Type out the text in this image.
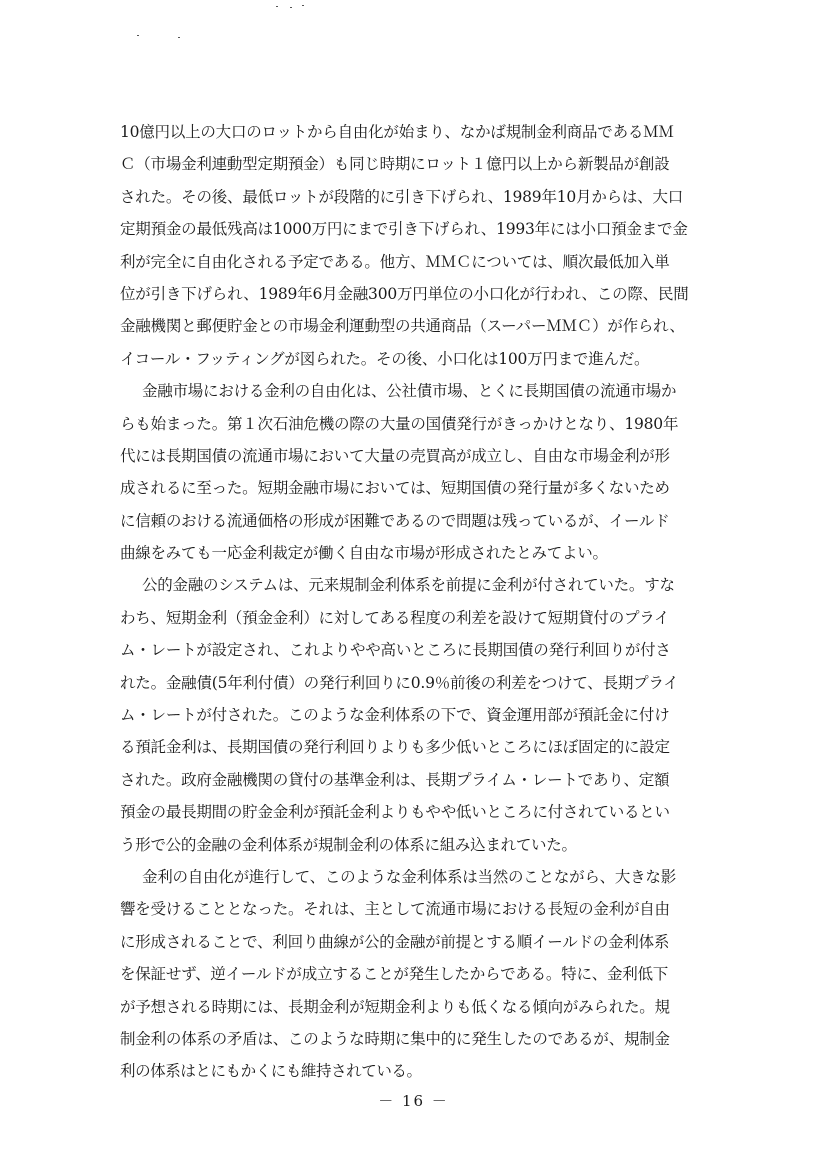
10億円以上の大口のロットから自由化が始まり、なかば規制金利商品であるＭＭ
Ｃ（市場金利連動型定期預金）も同じ時期にロット１億円以上から新製品が創設
された。その後、最低ロットが段階的に引き下げられ、1989年10月からは、大口
定期預金の最低残高は1000万円にまで引き下げられ、1993年には小口預金まで金
利が完全に自由化される予定である。他方、ＭＭＣについては、順次最低加入単
位が引き下げられ、1989年6月金融300万円単位の小口化が行われ、この際、民間
金融機関と郵便貯金との市場金利運動型の共通商品（スーパーＭＭＣ）が作られ、
イコール・フッティングが図られた。その後、小口化は100万円まで進んだ。
金融市場における金利の自由化は、公社債市場、とくに長期国債の流通市場か
らも始まった。第１次石油危機の際の大量の国債発行がきっかけとなり、1980年
代には長期国債の流通市場において大量の売買高が成立し、自由な市場金利が形
成されるに至った。短期金融市場においては、短期国債の発行量が多くないため
に信頼のおける流通価格の形成が困難であるので問題は残っているが、イールド
曲線をみても一応金利裁定が働く自由な市場が形成されたとみてよい。
公的金融のシステムは、元来規制金利体系を前提に金利が付されていた。すな
わち、短期金利（預金金利）に対してある程度の利差を設けて短期貸付のプライ
ム・レートが設定され、これよりやや高いところに長期国債の発行利回りが付さ
れた。金融債(5年利付債）の発行利回りに0.9％前後の利差をつけて、長期プライ
ム・レートが付された。このような金利体系の下で、資金運用部が預託金に付け
る預託金利は、長期国債の発行利回りよりも多少低いところにほぼ固定的に設定
された。政府金融機関の貸付の基準金利は、長期プライム・レートであり、定額
預金の最長期間の貯金金利が預託金利よりもやや低いところに付されているとい
う形で公的金融の金利体系が規制金利の体系に組み込まれていた。
金利の自由化が進行して、このような金利体系は当然のことながら、大きな影
響を受けることとなった。それは、主として流通市場における長短の金利が自由
に形成されることで、利回り曲線が公的金融が前提とする順イールドの金利体系
を保証せず、逆イールドが成立することが発生したからである。特に、金利低下
が予想される時期には、長期金利が短期金利よりも低くなる傾向がみられた。規
制金利の体系の矛盾は、このような時期に集中的に発生したのであるが、規制金
利の体系はとにもかくにも維持されている。
－ 16 －
